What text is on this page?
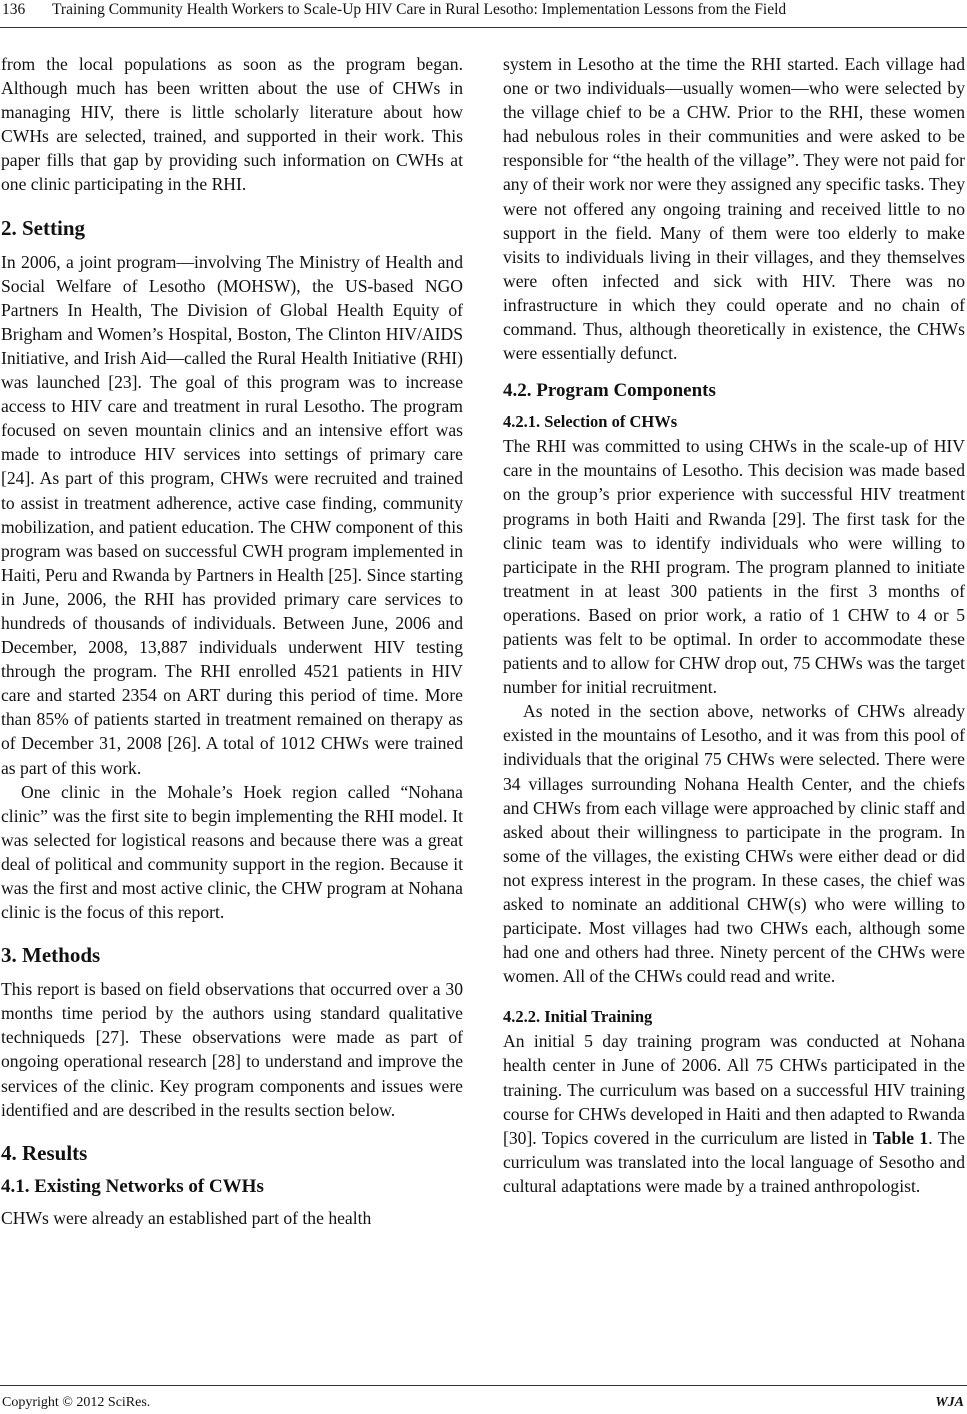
136 Training Community Health Workers to Scale-Up HIV Care in Rural Lesotho: Implementation Lessons from the Field

from the local populations as soon as the program began. Although much has been written about the use of CHWs in managing HIV, there is little scholarly literature about how CWHs are selected, trained, and supported in their work. This paper fills that gap by providing such information on CWHs at one clinic participating in the RHI.

2. Setting

In 2006, a joint program—involving The Ministry of Health and Social Welfare of Lesotho (MOHSW), the US-based NGO Partners In Health, The Division of Global Health Equity of Brigham and Women’s Hospital, Boston, The Clinton HIV/AIDS Initiative, and Irish Aid—called the Rural Health Initiative (RHI) was launched [23]. The goal of this program was to increase access to HIV care and treatment in rural Lesotho. The program focused on seven mountain clinics and an intensive effort was made to introduce HIV services into settings of primary care [24]. As part of this program, CHWs were recruited and trained to assist in treatment adherence, active case finding, community mobilization, and patient education. The CHW component of this program was based on successful CWH program implemented in Haiti, Peru and Rwanda by Partners in Health [25]. Since starting in June, 2006, the RHI has provided primary care services to hundreds of thousands of individuals. Between June, 2006 and December, 2008, 13,887 individuals underwent HIV testing through the program. The RHI enrolled 4521 patients in HIV care and started 2354 on ART during this period of time. More than 85% of patients started in treatment remained on therapy as of December 31, 2008 [26]. A total of 1012 CHWs were trained as part of this work.

One clinic in the Mohale’s Hoek region called “Nohana clinic” was the first site to begin implementing the RHI model. It was selected for logistical reasons and because there was a great deal of political and community support in the region. Because it was the first and most active clinic, the CHW program at Nohana clinic is the focus of this report.

3. Methods

This report is based on field observations that occurred over a 30 months time period by the authors using standard qualitative techniqueds [27]. These observations were made as part of ongoing operational research [28] to understand and improve the services of the clinic. Key program components and issues were identified and are described in the results section below.

4. Results
4.1. Existing Networks of CWHs

CHWs were already an established part of the health

system in Lesotho at the time the RHI started. Each village had one or two individuals—usually women—who were selected by the village chief to be a CHW. Prior to the RHI, these women had nebulous roles in their communities and were asked to be responsible for “the health of the village”. They were not paid for any of their work nor were they assigned any specific tasks. They were not offered any ongoing training and received little to no support in the field. Many of them were too elderly to make visits to individuals living in their villages, and they themselves were often infected and sick with HIV. There was no infrastructure in which they could operate and no chain of command. Thus, although theoretically in existence, the CHWs were essentially defunct.

4.2. Program Components
4.2.1. Selection of CHWs

The RHI was committed to using CHWs in the scale-up of HIV care in the mountains of Lesotho. This decision was made based on the group’s prior experience with successful HIV treatment programs in both Haiti and Rwanda [29]. The first task for the clinic team was to identify individuals who were willing to participate in the RHI program. The program planned to initiate treatment in at least 300 patients in the first 3 months of operations. Based on prior work, a ratio of 1 CHW to 4 or 5 patients was felt to be optimal. In order to accommodate these patients and to allow for CHW drop out, 75 CHWs was the target number for initial recruitment.

As noted in the section above, networks of CHWs already existed in the mountains of Lesotho, and it was from this pool of individuals that the original 75 CHWs were selected. There were 34 villages surrounding Nohana Health Center, and the chiefs and CHWs from each village were approached by clinic staff and asked about their willingness to participate in the program. In some of the villages, the existing CHWs were either dead or did not express interest in the program. In these cases, the chief was asked to nominate an additional CHW(s) who were willing to participate. Most villages had two CHWs each, although some had one and others had three. Ninety percent of the CHWs were women. All of the CHWs could read and write.

4.2.2. Initial Training

An initial 5 day training program was conducted at Nohana health center in June of 2006. All 75 CHWs participated in the training. The curriculum was based on a successful HIV training course for CHWs developed in Haiti and then adapted to Rwanda [30]. Topics covered in the curriculum are listed in Table 1. The curriculum was translated into the local language of Sesotho and cultural adaptations were made by a trained anthropologist.

Copyright © 2012 SciRes.	WJA
